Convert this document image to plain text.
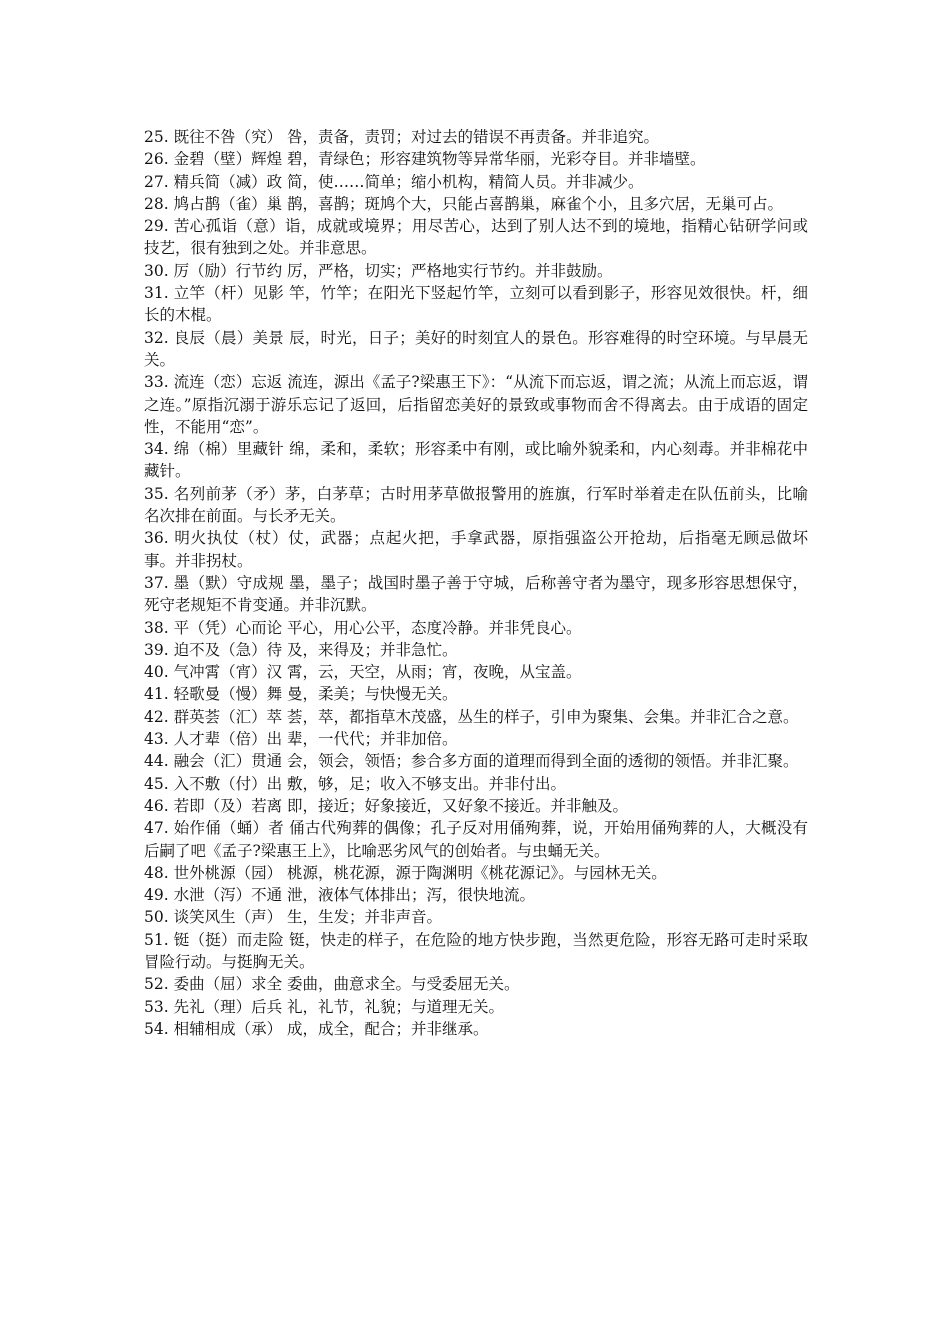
25. 既往不咎（究） 咎，责备，责罚；对过去的错误不再责备。并非追究。

26. 金碧（壁）辉煌 碧，青绿色；形容建筑物等异常华丽，光彩夺目。并非墙壁。

27. 精兵简（减）政 简，使……简单；缩小机构，精简人员。并非减少。

28. 鸠占鹊（雀）巢 鹊，喜鹊；斑鸠个大，只能占喜鹊巢，麻雀个小，且多穴居，无巢可占。

29. 苦心孤诣（意）诣，成就或境界；用尽苦心，达到了别人达不到的境地，指精心钻研学问或技艺，很有独到之处。并非意思。

30. 厉（励）行节约 厉，严格，切实；严格地实行节约。并非鼓励。

31. 立竿（杆）见影 竿，竹竿；在阳光下竖起竹竿，立刻可以看到影子，形容见效很快。杆，细长的木棍。

32. 良辰（晨）美景 辰，时光，日子；美好的时刻宜人的景色。形容难得的时空环境。与早晨无关。

33. 流连（恋）忘返 流连，源出《孟子?梁惠王下》：“从流下而忘返，谓之流；从流上而忘返，谓之连。”原指沉溺于游乐忘记了返回，后指留恋美好的景致或事物而舍不得离去。由于成语的固定性，不能用“恋”。

34. 绵（棉）里藏针 绵，柔和，柔软；形容柔中有刚，或比喻外貌柔和，内心刻毒。并非棉花中藏针。

35. 名列前茅（矛）茅，白茅草；古时用茅草做报警用的旌旗，行军时举着走在队伍前头，比喻名次排在前面。与长矛无关。

36. 明火执仗（杖）仗，武器；点起火把，手拿武器，原指强盗公开抢劫，后指毫无顾忌做坏事。并非拐杖。

37. 墨（默）守成规 墨，墨子；战国时墨子善于守城，后称善守者为墨守，现多形容思想保守，死守老规矩不肯变通。并非沉默。

38. 平（凭）心而论 平心，用心公平，态度冷静。并非凭良心。

39. 迫不及（急）待 及，来得及；并非急忙。

40. 气冲霄（宵）汉 霄，云，天空，从雨；宵，夜晚，从宝盖。

41. 轻歌曼（慢）舞 曼，柔美；与快慢无关。

42. 群英荟（汇）萃 荟，萃，都指草木茂盛，丛生的样子，引申为聚集、会集。并非汇合之意。

43. 人才辈（倍）出 辈，一代代；并非加倍。

44. 融会（汇）贯通 会，领会，领悟；参合多方面的道理而得到全面的透彻的领悟。并非汇聚。

45. 入不敷（付）出 敷，够，足；收入不够支出。并非付出。

46. 若即（及）若离 即，接近；好象接近，又好象不接近。并非触及。

47. 始作俑（蛹）者 俑古代殉葬的偶像；孔子反对用俑殉葬，说，开始用俑殉葬的人，大概没有后嗣了吧《孟子?梁惠王上》，比喻恶劣风气的创始者。与虫蛹无关。

48. 世外桃源（园） 桃源，桃花源，源于陶渊明《桃花源记》。与园林无关。

49. 水泄（泻）不通 泄，液体气体排出；泻，很快地流。

50. 谈笑风生（声） 生，生发；并非声音。

51. 铤（挺）而走险 铤，快走的样子，在危险的地方快步跑，当然更危险，形容无路可走时采取冒险行动。与挺胸无关。

52. 委曲（屈）求全 委曲，曲意求全。与受委屈无关。

53. 先礼（理）后兵 礼，礼节，礼貌；与道理无关。

54. 相辅相成（承） 成，成全，配合；并非继承。
